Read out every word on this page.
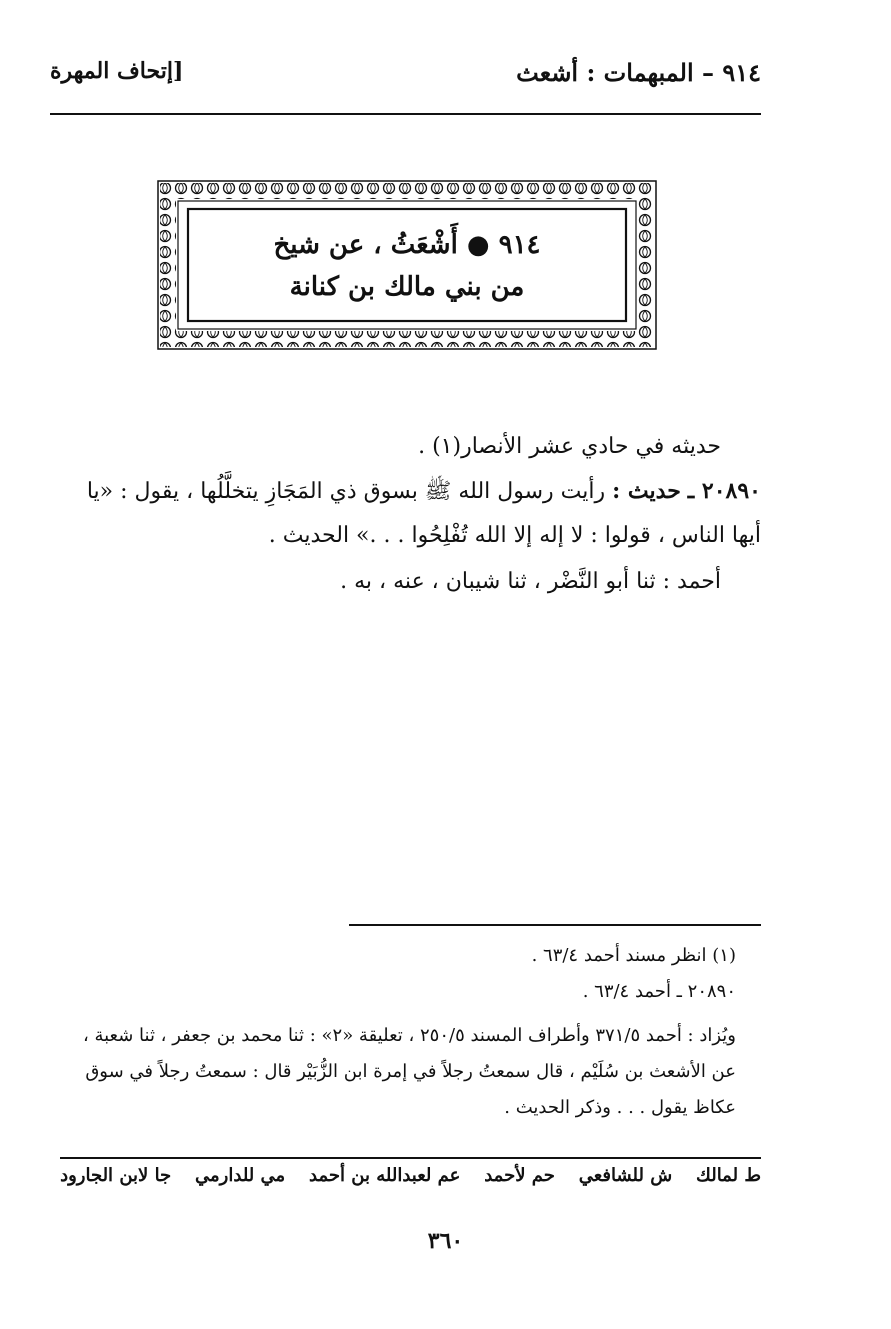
٩١٤ – المبهمات : أشعث
[إتحاف المهرة
٩١٤ ● أَشْعَثُ ، عن شيخ
من بني مالك بن كنانة

حديثه في حادي عشر الأنصار(١) .

٢٠٨٩٠ ـ حديث : رأيت رسول الله ﷺ بسوق ذي المَجَازِ يتخلَّلُها ، يقول : «يا أيها الناس ، قولوا : لا إله إلا الله تُفْلِحُوا . . .» الحديث .

أحمد : ثنا أبو النَّضْر ، ثنا شيبان ، عنه ، به .

(١) انظر مسند أحمد ٦٣/٤ .

٢٠٨٩٠ ـ أحمد ٦٣/٤ .

ويُزاد : أحمد ٣٧١/٥ وأطراف المسند ٢٥٠/٥ ، تعليقة «٢» : ثنا محمد بن جعفر ، ثنا شعبة ، عن الأشعث بن سُلَيْم ، قال سمعتُ رجلاً في إمرة ابن الزُّبَيْر قال : سمعتُ رجلاً في سوق عكاظ يقول . . . وذكر الحديث .

ط لمالك
ش للشافعي
حم لأحمد
عم لعبدالله بن أحمد
مي للدارمي
جا لابن الجارود
٣٦٠
